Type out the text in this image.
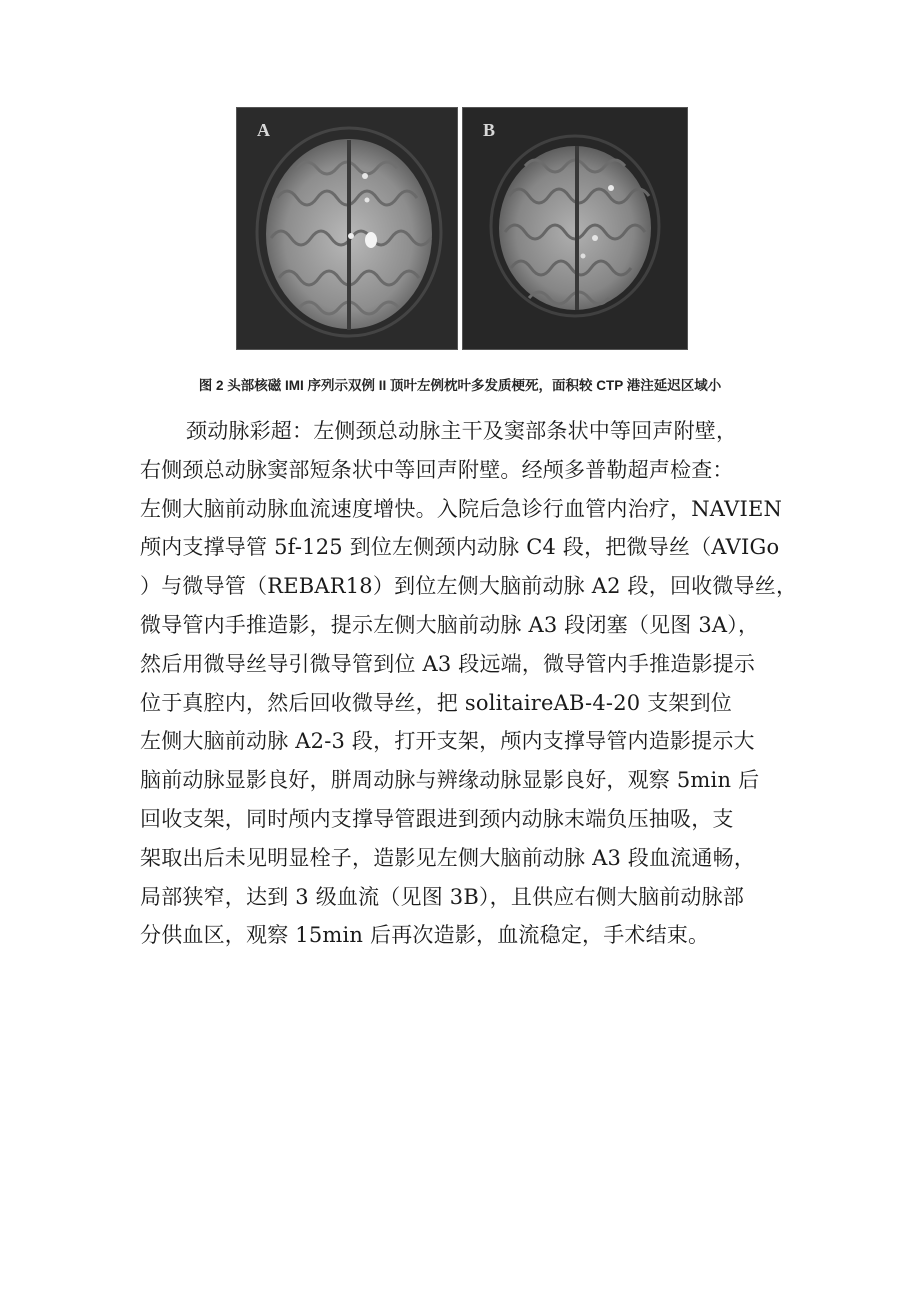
A	B
图 2 头部核磁 IMI 序列示双例 II 顶叶左例枕叶多发质梗死，面积较 CTP 港注延迟区域小
颈动脉彩超：左侧颈总动脉主干及窦部条状中等回声附壁，
右侧颈总动脉窦部短条状中等回声附壁。经颅多普勒超声检查：
左侧大脑前动脉血流速度增快。入院后急诊行血管内治疗，NAVIEN
颅内支撑导管 5f-125 到位左侧颈内动脉 C4 段，把微导丝（AVIGo
）与微导管（REBAR18）到位左侧大脑前动脉 A2 段，回收微导丝，
微导管内手推造影，提示左侧大脑前动脉 A3 段闭塞（见图 3A），
然后用微导丝导引微导管到位 A3 段远端，微导管内手推造影提示
位于真腔内，然后回收微导丝，把 solitaireAB-4-20 支架到位
左侧大脑前动脉 A2-3 段，打开支架，颅内支撑导管内造影提示大
脑前动脉显影良好，胼周动脉与辨缘动脉显影良好，观察 5min 后
回收支架，同时颅内支撑导管跟进到颈内动脉末端负压抽吸，支
架取出后未见明显栓子，造影见左侧大脑前动脉 A3 段血流通畅，
局部狭窄，达到 3 级血流（见图 3B），且供应右侧大脑前动脉部
分供血区，观察 15min 后再次造影，血流稳定，手术结束。
